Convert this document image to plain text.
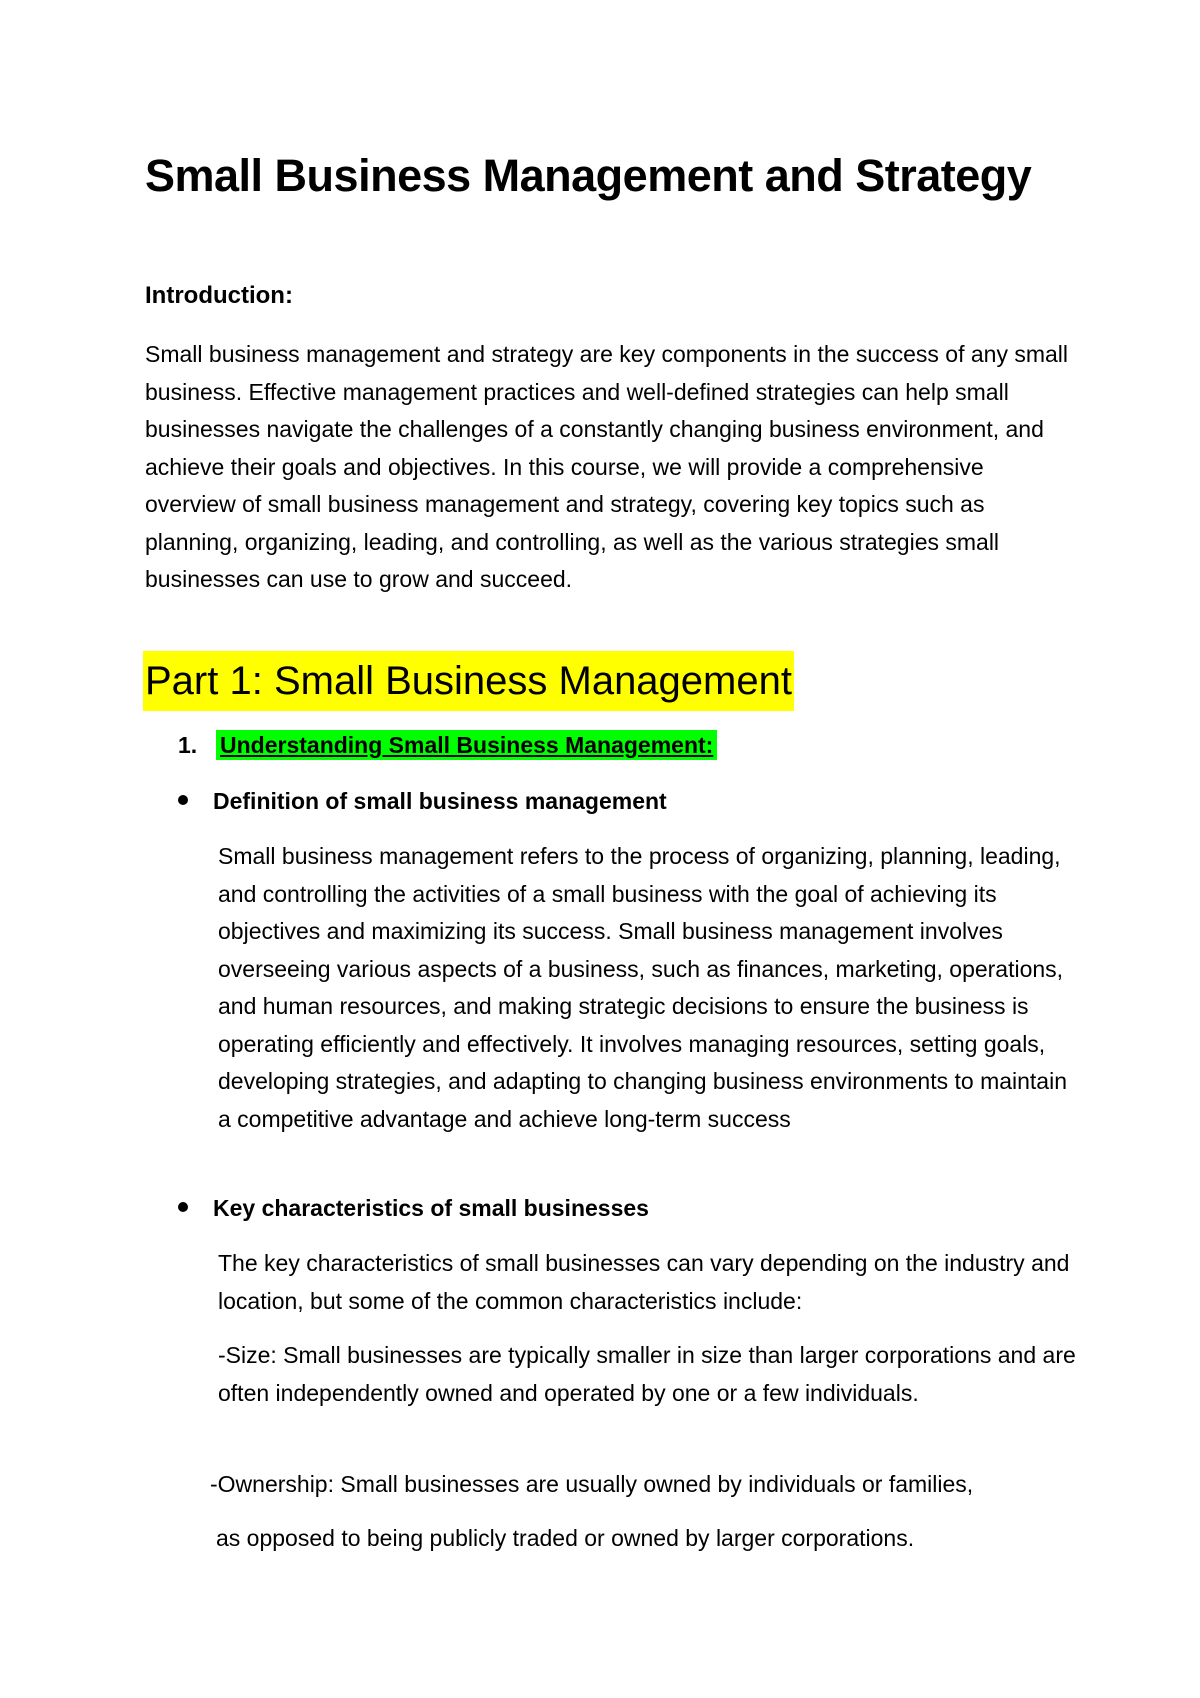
Small Business Management and Strategy
Introduction:

Small business management and strategy are key components in the success of any small business. Effective management practices and well-defined strategies can help small businesses navigate the challenges of a constantly changing business environment, and achieve their goals and objectives. In this course, we will provide a comprehensive overview of small business management and strategy, covering key topics such as planning, organizing, leading, and controlling, as well as the various strategies small businesses can use to grow and succeed.

Part 1: Small Business Management
1. Understanding Small Business Management:
Definition of small business management

Small business management refers to the process of organizing, planning, leading, and controlling the activities of a small business with the goal of achieving its objectives and maximizing its success. Small business management involves overseeing various aspects of a business, such as finances, marketing, operations, and human resources, and making strategic decisions to ensure the business is operating efficiently and effectively. It involves managing resources, setting goals, developing strategies, and adapting to changing business environments to maintain a competitive advantage and achieve long-term success

Key characteristics of small businesses

The key characteristics of small businesses can vary depending on the industry and location, but some of the common characteristics include:

-Size: Small businesses are typically smaller in size than larger corporations and are often independently owned and operated by one or a few individuals.

-Ownership: Small businesses are usually owned by individuals or families,

as opposed to being publicly traded or owned by larger corporations.
